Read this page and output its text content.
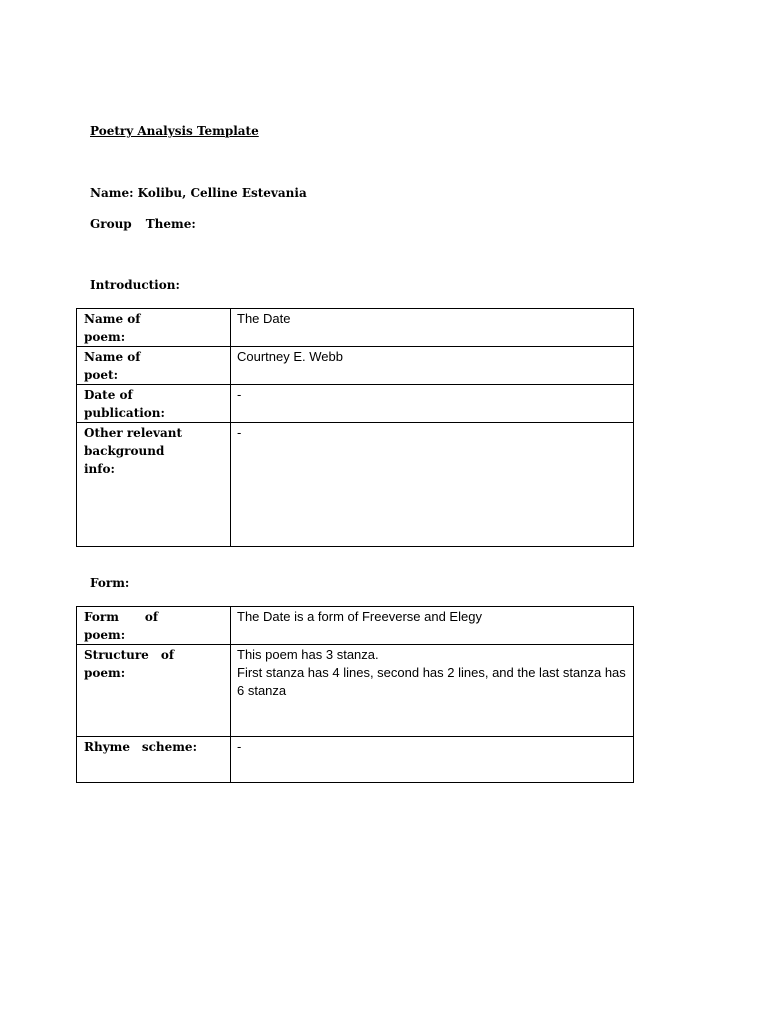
Poetry Analysis Template
Name: Kolibu, Celline Estevania
Group Theme:
Introduction:
Name of
poem:	The Date

Name of
poet:	Courtney E. Webb

Date of
publication:	-

Other relevant
background
info:	-
Form:
Form of
poem:	The Date is a form of Freeverse and Elegy

Structure of
poem:	This poem has 3 stanza.
First stanza has 4 lines, second has 2 lines, and the last stanza has 6 stanza

Rhyme scheme:	-
